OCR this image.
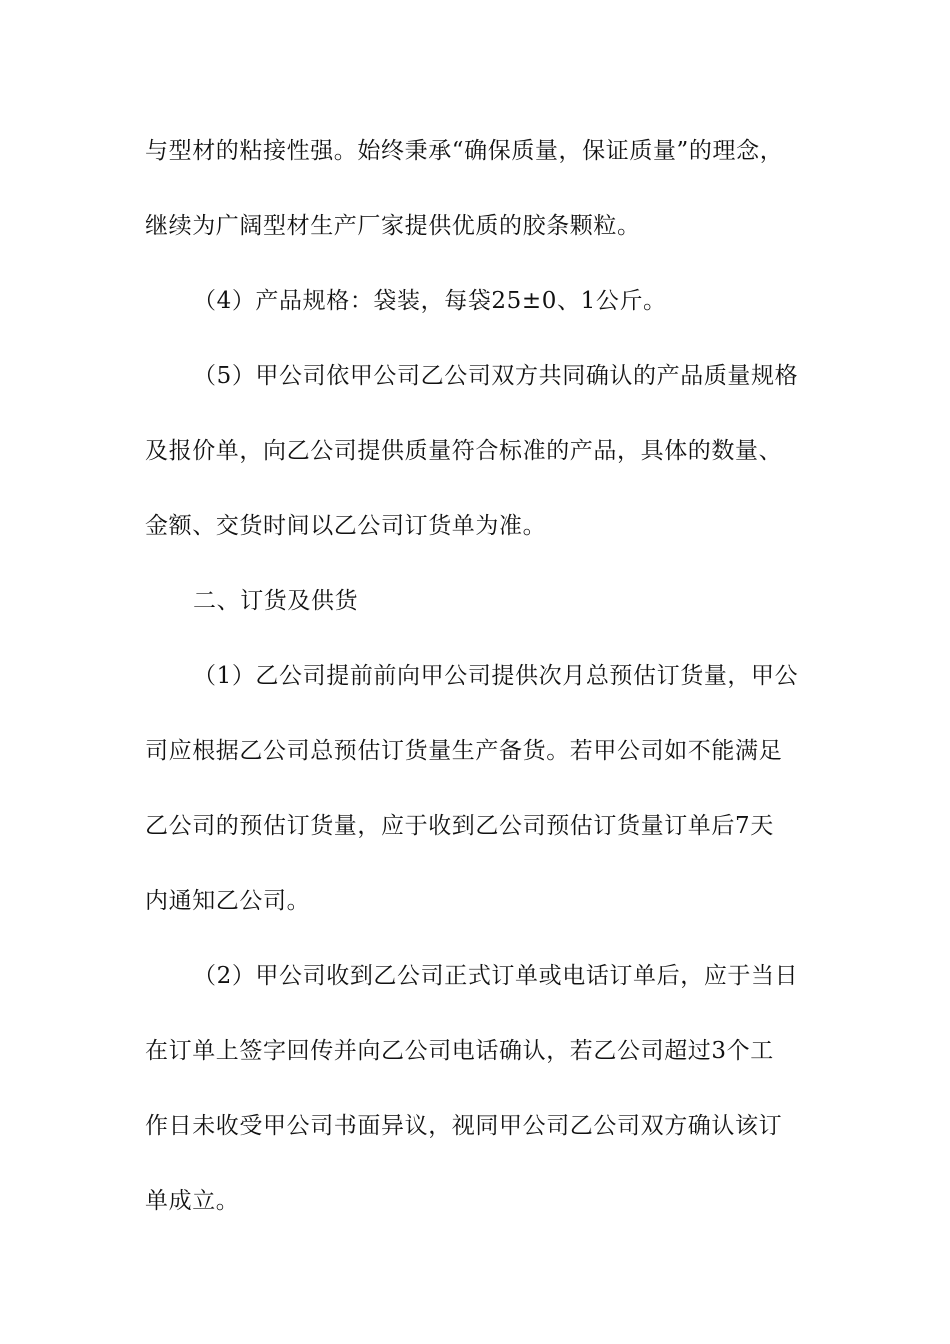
与型材的粘接性强。始终秉承“确保质量，保证质量”的理念，
继续为广阔型材生产厂家提供优质的胶条颗粒。
（4）产品规格：袋装，每袋25±0、1公斤。
（5）甲公司依甲公司乙公司双方共同确认的产品质量规格
及报价单，向乙公司提供质量符合标准的产品，具体的数量、
金额、交货时间以乙公司订货单为准。
二、订货及供货
（1）乙公司提前前向甲公司提供次月总预估订货量，甲公
司应根据乙公司总预估订货量生产备货。若甲公司如不能满足
乙公司的预估订货量，应于收到乙公司预估订货量订单后7天
内通知乙公司。
（2）甲公司收到乙公司正式订单或电话订单后，应于当日
在订单上签字回传并向乙公司电话确认，若乙公司超过3个工
作日未收受甲公司书面异议，视同甲公司乙公司双方确认该订
单成立。
